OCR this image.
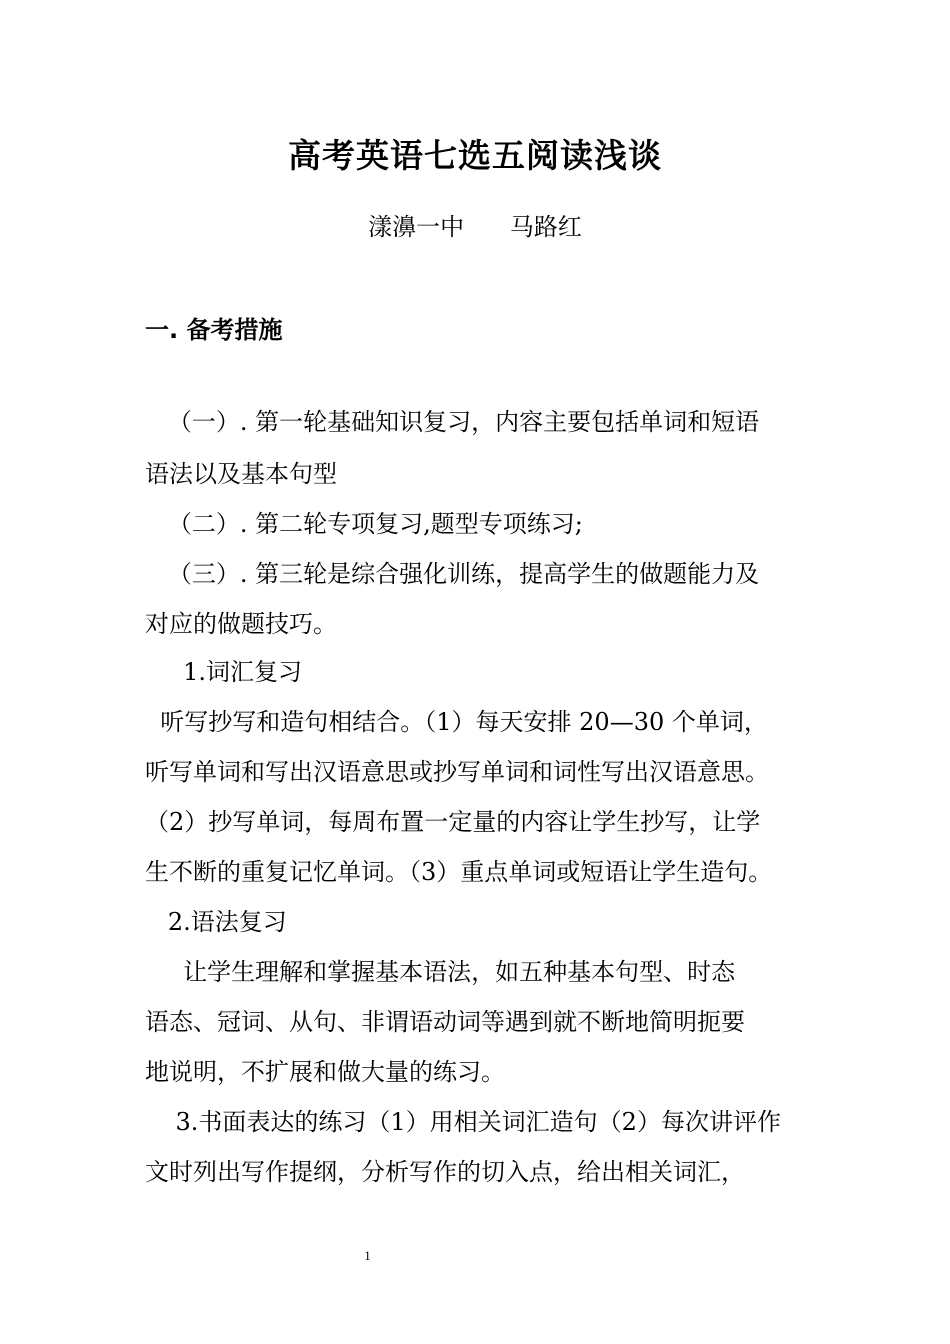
高考英语七选五阅读浅谈
漾濞一中      马路红
一. 备考措施
（一）. 第一轮基础知识复习，内容主要包括单词和短语
语法以及基本句型
（二）. 第二轮专项复习,题型专项练习;
（三）. 第三轮是综合强化训练，提高学生的做题能力及
对应的做题技巧。
1.词汇复习
听写抄写和造句相结合。（1）每天安排 20—30 个单词，
听写单词和写出汉语意思或抄写单词和词性写出汉语意思。
（2）抄写单词，每周布置一定量的内容让学生抄写，让学
生不断的重复记忆单词。（3）重点单词或短语让学生造句。
2.语法复习
让学生理解和掌握基本语法，如五种基本句型、时态
语态、冠词、从句、非谓语动词等遇到就不断地简明扼要
地说明，不扩展和做大量的练习。
3.书面表达的练习（1）用相关词汇造句（2）每次讲评作
文时列出写作提纲，分析写作的切入点，给出相关词汇，
1
